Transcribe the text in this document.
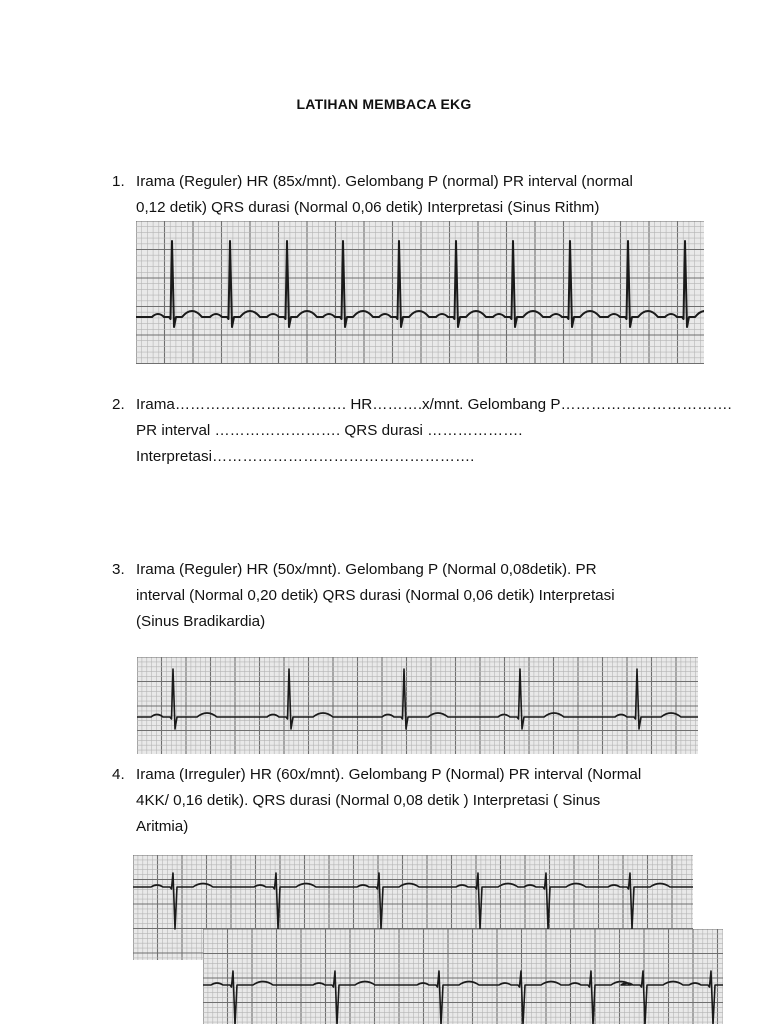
LATIHAN MEMBACA EKG
1. Irama (Reguler) HR (85x/mnt). Gelombang P (normal) PR interval (normal
0,12 detik) QRS durasi (Normal 0,06 detik) Interpretasi (Sinus Rithm)
2. Irama……………………………. HR……….x/mnt. Gelombang P…………………………….
PR interval ……………………. QRS durasi ……………….
Interpretasi…………………………………………….
3. Irama (Reguler) HR (50x/mnt). Gelombang P (Normal 0,08detik). PR
interval (Normal 0,20 detik) QRS durasi (Normal 0,06 detik) Interpretasi
(Sinus Bradikardia)
4. Irama (Irreguler) HR (60x/mnt). Gelombang P (Normal) PR interval (Normal
4KK/ 0,16 detik). QRS durasi (Normal 0,08 detik ) Interpretasi ( Sinus
Aritmia)
